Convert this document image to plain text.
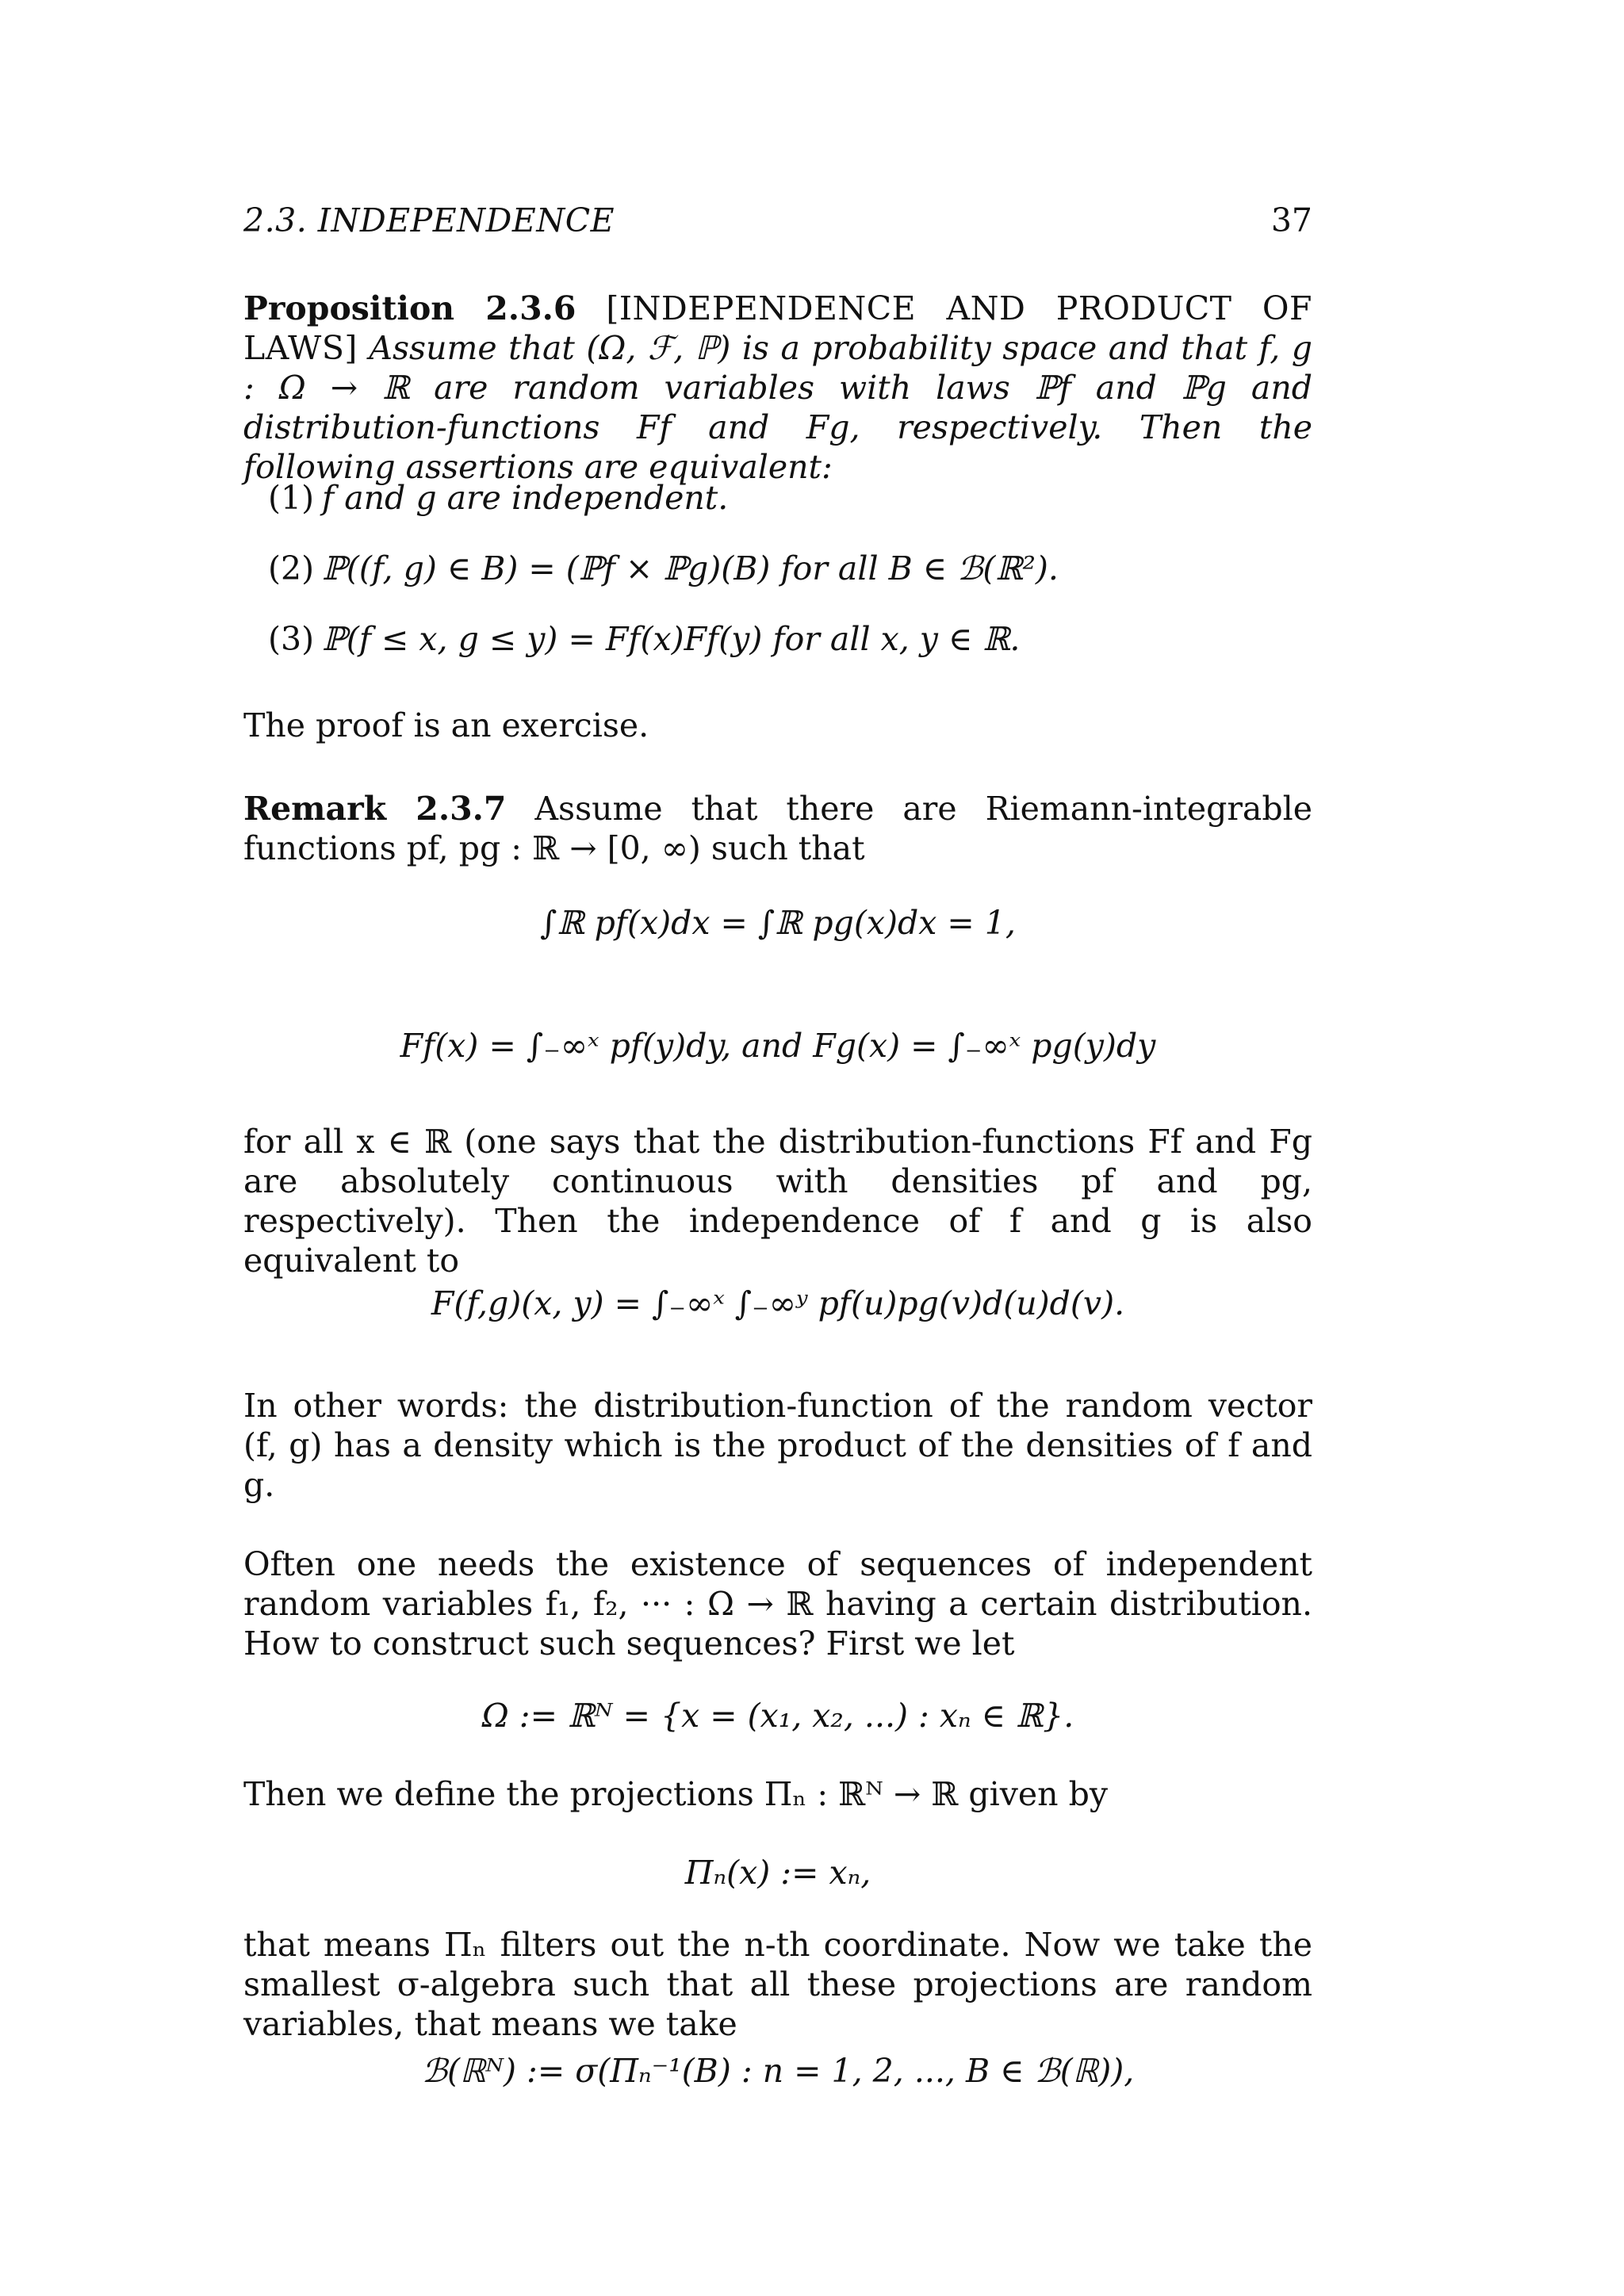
2.3. INDEPENDENCE	37

Proposition 2.3.6 [INDEPENDENCE AND PRODUCT OF LAWS] Assume that (Ω, ℱ, ℙ) is a probability space and that f, g : Ω → ℝ are random variables with laws ℙf and ℙg and distribution-functions Ff and Fg, respectively. Then the following assertions are equivalent:

(1) f and g are independent.
(2) ℙ((f, g) ∈ B) = (ℙf × ℙg)(B) for all B ∈ ℬ(ℝ²).
(3) ℙ(f ≤ x, g ≤ y) = Ff(x)Ff(y) for all x, y ∈ ℝ.
The proof is an exercise.

Remark 2.3.7 Assume that there are Riemann-integrable functions pf, pg : ℝ → [0, ∞) such that

∫ℝ pf(x)dx = ∫ℝ pg(x)dx = 1,
Ff(x) = ∫₋∞ˣ pf(y)dy, and Fg(x) = ∫₋∞ˣ pg(y)dy
for all x ∈ ℝ (one says that the distribution-functions Ff and Fg are absolutely continuous with densities pf and pg, respectively). Then the independence of f and g is also equivalent to
F(f,g)(x, y) = ∫₋∞ˣ ∫₋∞ʸ pf(u)pg(v)d(u)d(v).
In other words: the distribution-function of the random vector (f, g) has a density which is the product of the densities of f and g.
Often one needs the existence of sequences of independent random variables f₁, f₂, ··· : Ω → ℝ having a certain distribution. How to construct such sequences? First we let
Ω := ℝᴺ = {x = (x₁, x₂, ...) : xₙ ∈ ℝ}.
Then we define the projections Πₙ : ℝᴺ → ℝ given by
Πₙ(x) := xₙ,
that means Πₙ filters out the n-th coordinate. Now we take the smallest σ-algebra such that all these projections are random variables, that means we take
ℬ(ℝᴺ) := σ(Πₙ⁻¹(B) : n = 1, 2, ..., B ∈ ℬ(ℝ)),
